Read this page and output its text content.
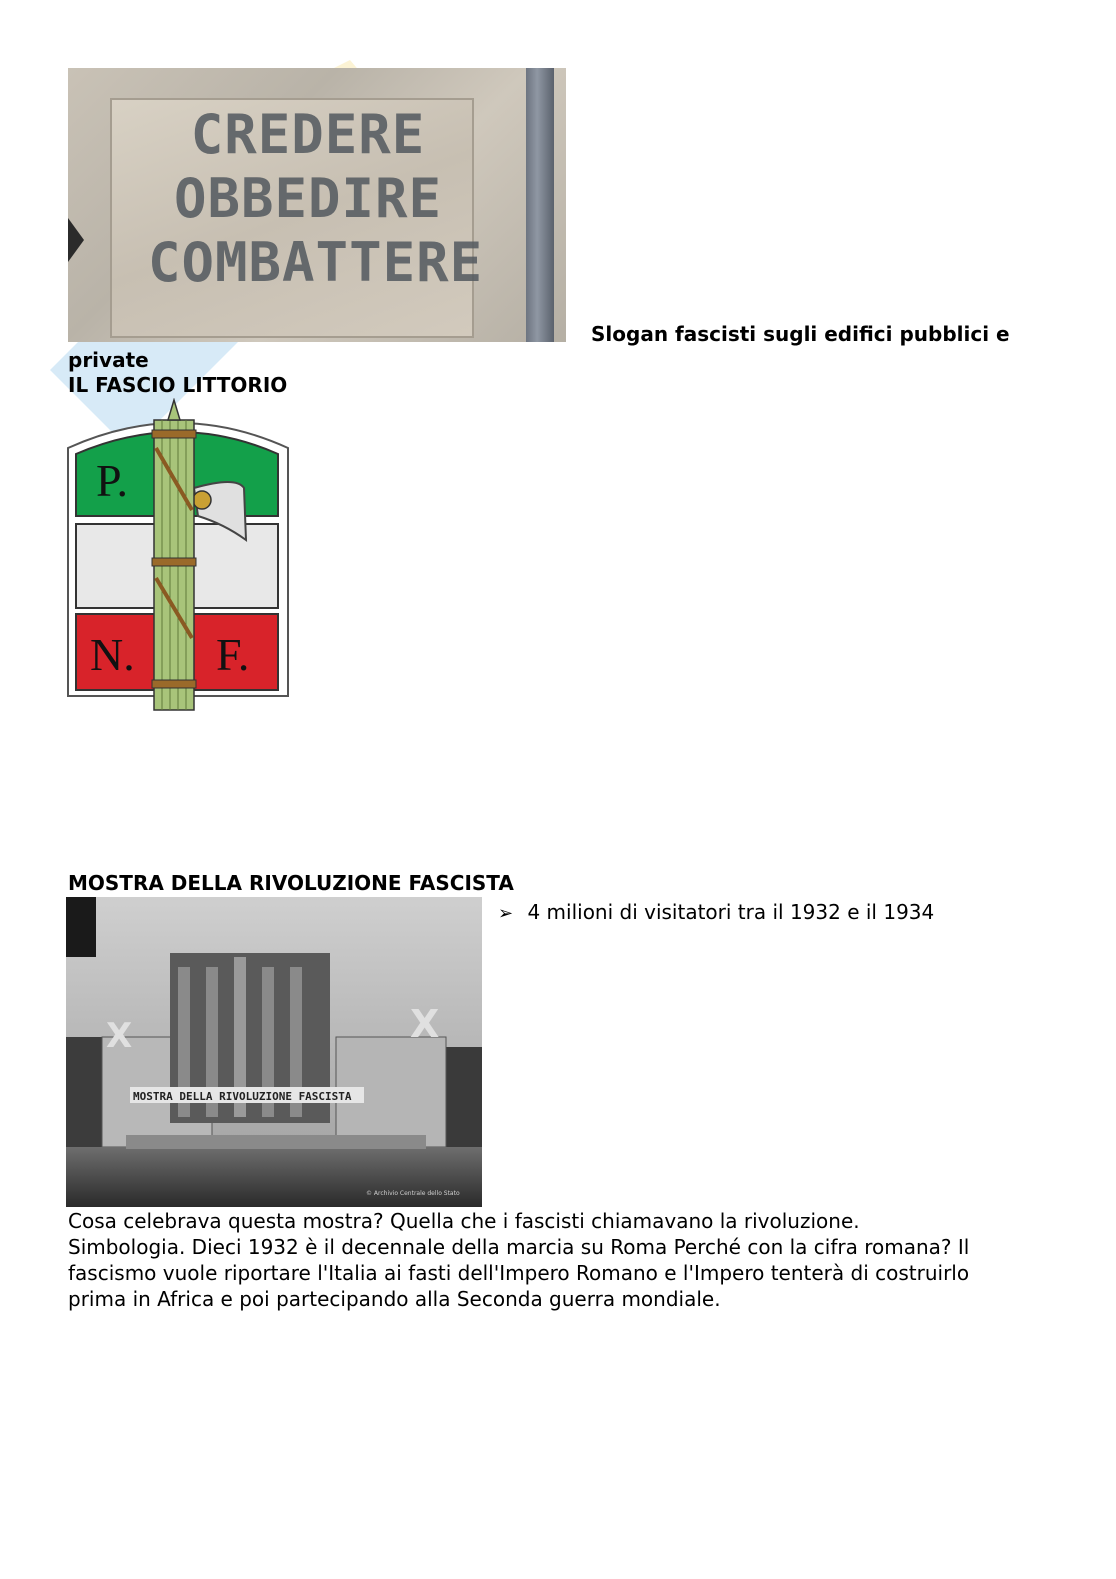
CREDERE
OBBEDIRE
COMBATTERE
Slogan fascisti sugli edifici pubblici e
private
IL FASCIO LITTORIO
P.
N. F.
MOSTRA DELLA RIVOLUZIONE FASCISTA
X	X
MOSTRA DELLA RIVOLUZIONE FASCISTA
© Archivio Centrale dello Stato
➢ 4 milioni di visitatori tra il 1932 e il 1934
Cosa celebrava questa mostra? Quella che i fascisti chiamavano la rivoluzione.
Simbologia. Dieci 1932 è il decennale della marcia su Roma Perché con la cifra romana? Il
fascismo vuole riportare l'Italia ai fasti dell'Impero Romano e l'Impero tenterà di costruirlo
prima in Africa e poi partecipando alla Seconda guerra mondiale.
